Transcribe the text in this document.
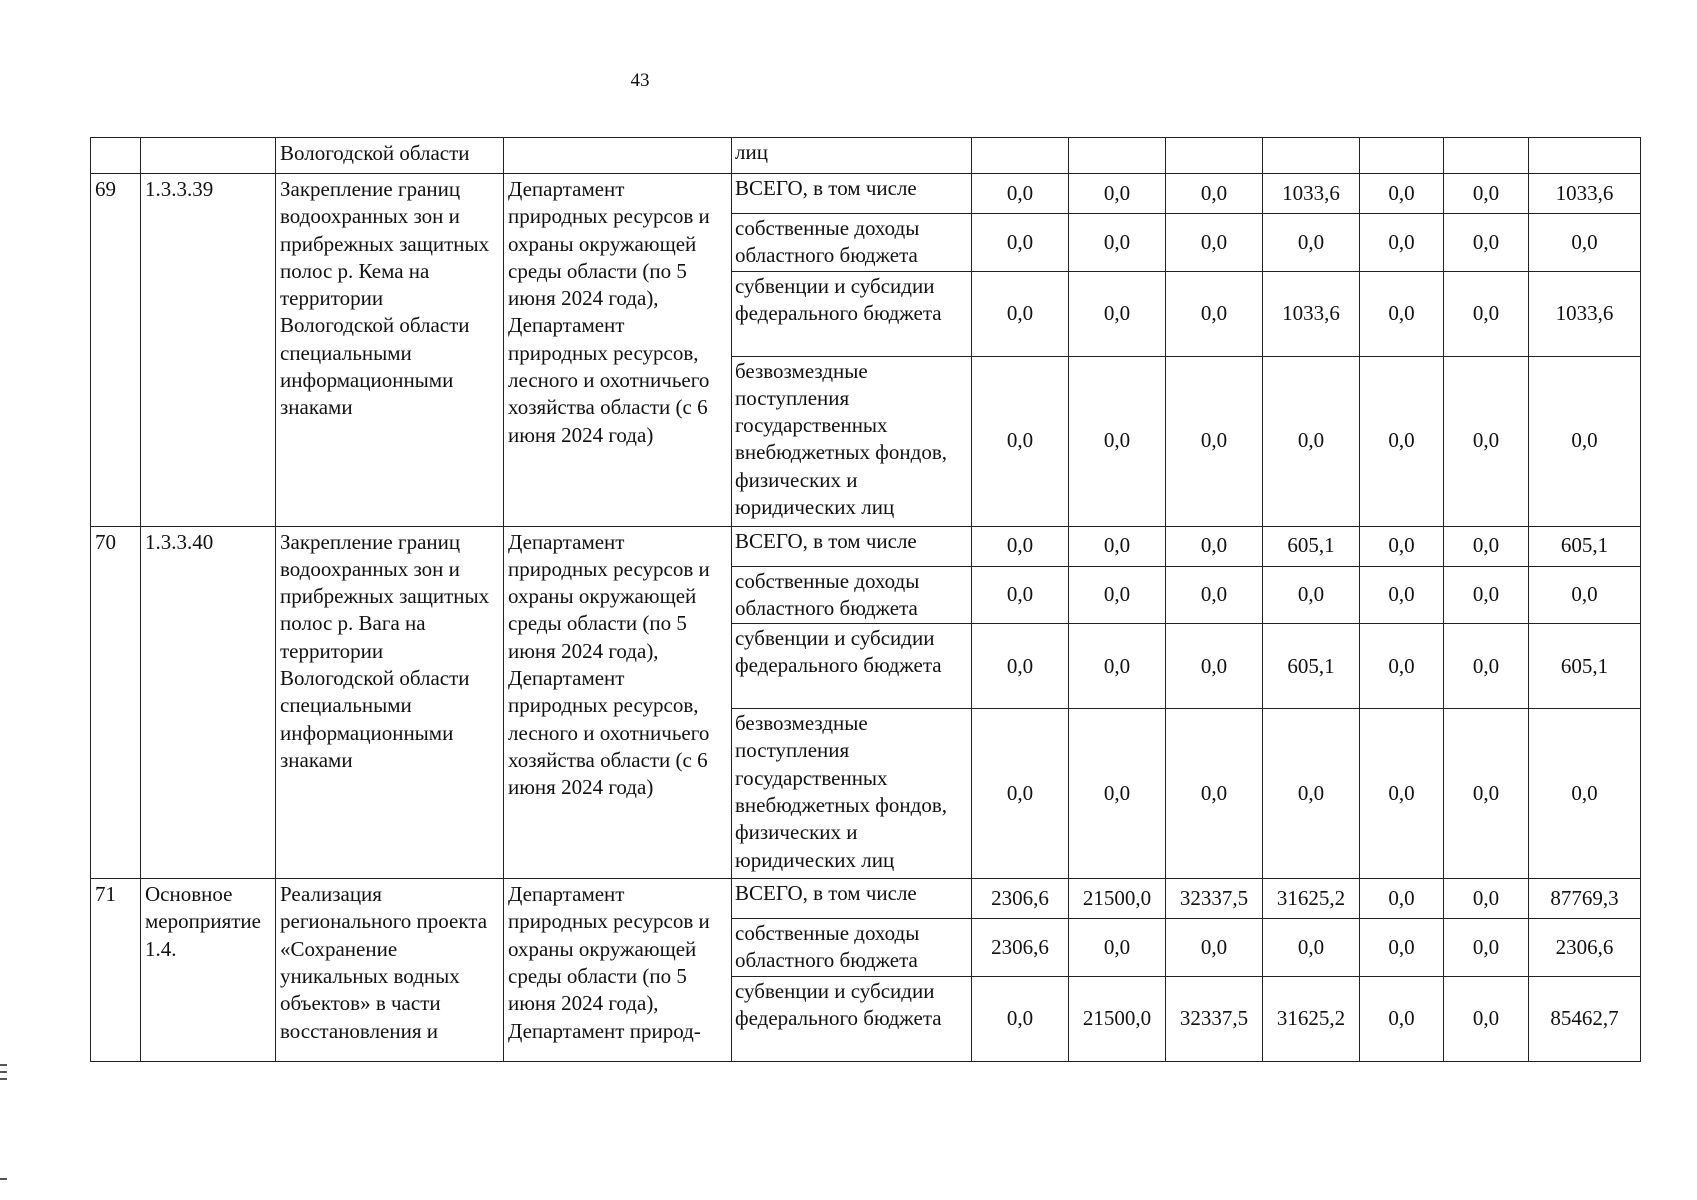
43
		Вологодской области		лиц							
69	1.3.3.39	Закрепление границ водоохранных зон и прибрежных защитных полос р. Кема на территории Вологодской области специальными информационными знаками	Департамент природных ресурсов и охраны окружающей среды области (по 5 июня 2024 года), Департамент природных ресурсов, лесного и охотничьего хозяйства области (с 6 июня 2024 года)	ВСЕГО, в том числе	0,0	0,0	0,0	1033,6	0,0	0,0	1033,6
				собственные доходы областного бюджета	0,0	0,0	0,0	0,0	0,0	0,0	0,0
				субвенции и субсидии федерального бюджета	0,0	0,0	0,0	1033,6	0,0	0,0	1033,6
				безвозмездные поступления государственных внебюджетных фондов, физических и юридических лиц	0,0	0,0	0,0	0,0	0,0	0,0	0,0
70	1.3.3.40	Закрепление границ водоохранных зон и прибрежных защитных полос р. Вага на территории Вологодской области специальными информационными знаками	Департамент природных ресурсов и охраны окружающей среды области (по 5 июня 2024 года), Департамент природных ресурсов, лесного и охотничьего хозяйства области (с 6 июня 2024 года)	ВСЕГО, в том числе	0,0	0,0	0,0	605,1	0,0	0,0	605,1
				собственные доходы областного бюджета	0,0	0,0	0,0	0,0	0,0	0,0	0,0
				субвенции и субсидии федерального бюджета	0,0	0,0	0,0	605,1	0,0	0,0	605,1
				безвозмездные поступления государственных внебюджетных фондов, физических и юридических лиц	0,0	0,0	0,0	0,0	0,0	0,0	0,0
71	Основное мероприятие 1.4.	Реализация регионального проекта «Сохранение уникальных водных объектов» в части восстановления и	Департамент природных ресурсов и охраны окружающей среды области (по 5 июня 2024 года), Департамент природ-	ВСЕГО, в том числе	2306,6	21500,0	32337,5	31625,2	0,0	0,0	87769,3
				собственные доходы областного бюджета	2306,6	0,0	0,0	0,0	0,0	0,0	2306,6
				субвенции и субсидии федерального бюджета	0,0	21500,0	32337,5	31625,2	0,0	0,0	85462,7
